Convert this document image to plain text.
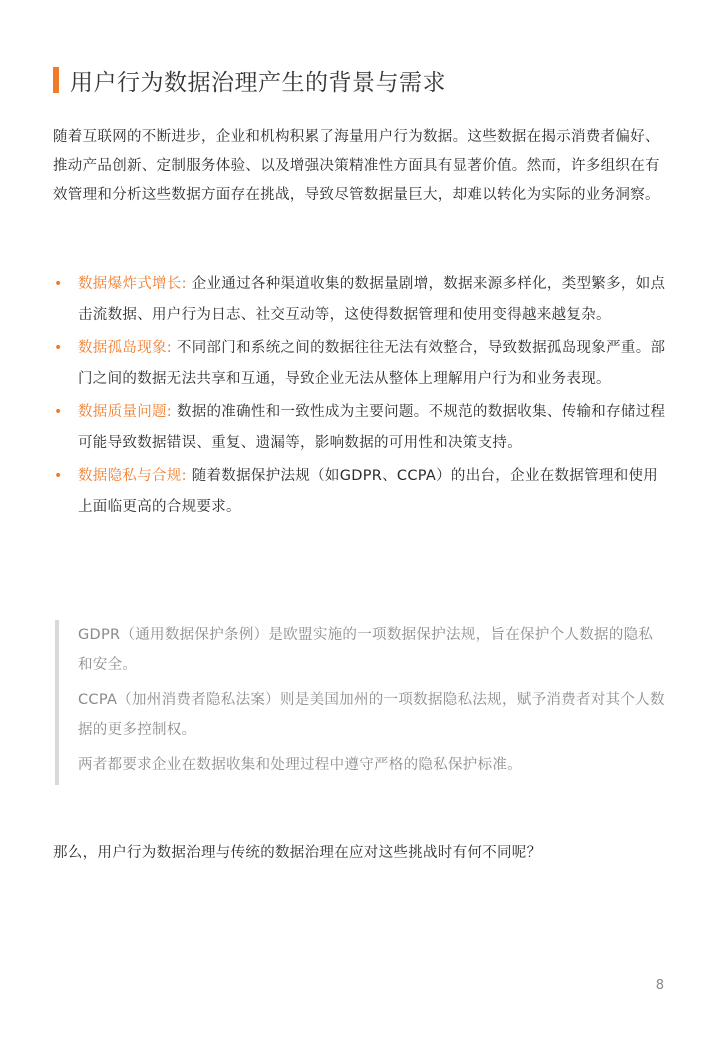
用户行为数据治理产生的背景与需求

随着互联网的不断进步，企业和机构积累了海量用户行为数据。这些数据在揭示消费者偏好、推动产品创新、定制服务体验、以及增强决策精准性方面具有显著价值。然而，许多组织在有效管理和分析这些数据方面存在挑战，导致尽管数据量巨大，却难以转化为实际的业务洞察。

• 数据爆炸式增长: 企业通过各种渠道收集的数据量剧增，数据来源多样化，类型繁多，如点击流数据、用户行为日志、社交互动等，这使得数据管理和使用变得越来越复杂。
• 数据孤岛现象: 不同部门和系统之间的数据往往无法有效整合，导致数据孤岛现象严重。部门之间的数据无法共享和互通，导致企业无法从整体上理解用户行为和业务表现。
• 数据质量问题: 数据的准确性和一致性成为主要问题。不规范的数据收集、传输和存储过程可能导致数据错误、重复、遗漏等，影响数据的可用性和决策支持。
• 数据隐私与合规: 随着数据保护法规（如GDPR、CCPA）的出台，企业在数据管理和使用上面临更高的合规要求。

GDPR（通用数据保护条例）是欧盟实施的一项数据保护法规，旨在保护个人数据的隐私和安全。

CCPA（加州消费者隐私法案）则是美国加州的一项数据隐私法规，赋予消费者对其个人数据的更多控制权。

两者都要求企业在数据收集和处理过程中遵守严格的隐私保护标准。

那么，用户行为数据治理与传统的数据治理在应对这些挑战时有何不同呢？

8
